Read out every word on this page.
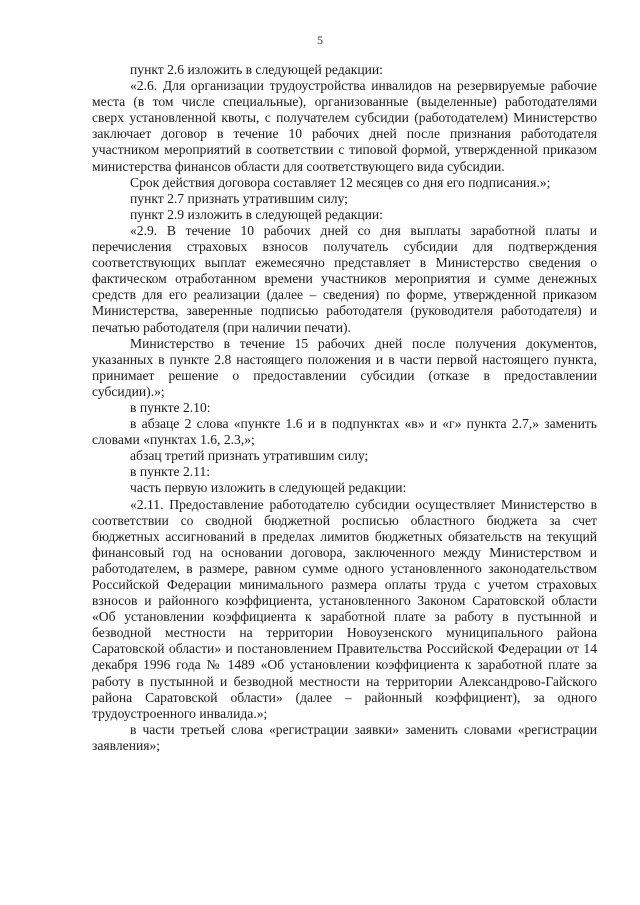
5

пункт 2.6 изложить в следующей редакции:

«2.6. Для организации трудоустройства инвалидов на резервируемые рабочие места (в том числе специальные), организованные (выделенные) работодателями сверх установленной квоты, с получателем субсидии (работодателем) Министерство заключает договор в течение 10 рабочих дней после признания работодателя участником мероприятий в соответствии с типовой формой, утвержденной приказом министерства финансов области для соответствующего вида субсидии.

Срок действия договора составляет 12 месяцев со дня его подписания.»;

пункт 2.7 признать утратившим силу;

пункт 2.9 изложить в следующей редакции:

«2.9. В течение 10 рабочих дней со дня выплаты заработной платы и перечисления страховых взносов получатель субсидии для подтверждения соответствующих выплат ежемесячно представляет в Министерство сведения о фактическом отработанном времени участников мероприятия и сумме денежных средств для его реализации (далее – сведения) по форме, утвержденной приказом Министерства, заверенные подписью работодателя (руководителя работодателя) и печатью работодателя (при наличии печати).

Министерство в течение 15 рабочих дней после получения документов, указанных в пункте 2.8 настоящего положения и в части первой настоящего пункта, принимает решение о предоставлении субсидии (отказе в предоставлении субсидии).»;

в пункте 2.10:

в абзаце 2 слова «пункте 1.6 и в подпунктах «в» и «г» пункта 2.7,» заменить словами «пунктах 1.6, 2.3,»;

абзац третий признать утратившим силу;

в пункте 2.11:

часть первую изложить в следующей редакции:

«2.11. Предоставление работодателю субсидии осуществляет Министерство в соответствии со сводной бюджетной росписью областного бюджета за счет бюджетных ассигнований в пределах лимитов бюджетных обязательств на текущий финансовый год на основании договора, заключенного между Министерством и работодателем, в размере, равном сумме одного установленного законодательством Российской Федерации минимального размера оплаты труда с учетом страховых взносов и районного коэффициента, установленного Законом Саратовской области «Об установлении коэффициента к заработной плате за работу в пустынной и безводной местности на территории Новоузенского муниципального района Саратовской области» и постановлением Правительства Российской Федерации от 14 декабря 1996 года № 1489 «Об установлении коэффициента к заработной плате за работу в пустынной и безводной местности на территории Александрово-Гайского района Саратовской области» (далее – районный коэффициент), за одного трудоустроенного инвалида.»;

в части третьей слова «регистрации заявки» заменить словами «регистрации заявления»;
